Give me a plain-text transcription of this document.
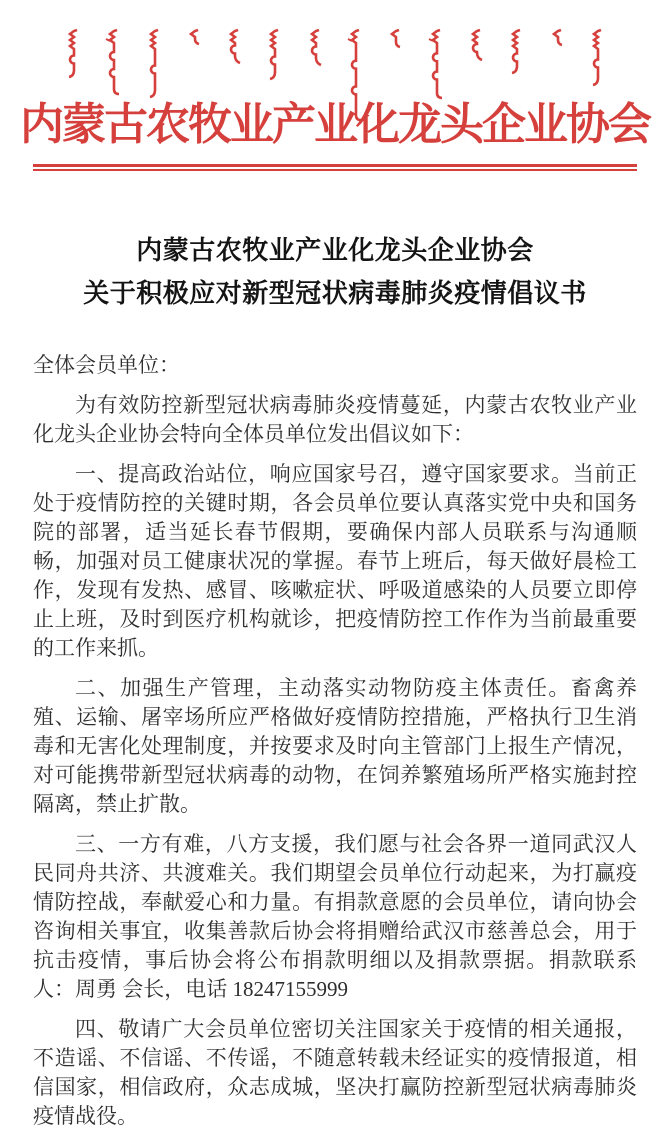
内蒙古农牧业产业化龙头企业协会
内蒙古农牧业产业化龙头企业协会
关于积极应对新型冠状病毒肺炎疫情倡议书

全体会员单位：

为有效防控新型冠状病毒肺炎疫情蔓延，内蒙古农牧业产业化龙头企业协会特向全体员单位发出倡议如下：

一、提高政治站位，响应国家号召，遵守国家要求。当前正处于疫情防控的关键时期，各会员单位要认真落实党中央和国务院的部署，适当延长春节假期，要确保内部人员联系与沟通顺畅，加强对员工健康状况的掌握。春节上班后，每天做好晨检工作，发现有发热、感冒、咳嗽症状、呼吸道感染的人员要立即停止上班，及时到医疗机构就诊，把疫情防控工作作为当前最重要的工作来抓。

二、加强生产管理，主动落实动物防疫主体责任。畜禽养殖、运输、屠宰场所应严格做好疫情防控措施，严格执行卫生消毒和无害化处理制度，并按要求及时向主管部门上报生产情况，对可能携带新型冠状病毒的动物，在饲养繁殖场所严格实施封控隔离，禁止扩散。

三、一方有难，八方支援，我们愿与社会各界一道同武汉人民同舟共济、共渡难关。我们期望会员单位行动起来，为打赢疫情防控战，奉献爱心和力量。有捐款意愿的会员单位，请向协会咨询相关事宜，收集善款后协会将捐赠给武汉市慈善总会，用于抗击疫情，事后协会将公布捐款明细以及捐款票据。捐款联系人：周勇 会长，电话 18247155999

四、敬请广大会员单位密切关注国家关于疫情的相关通报，不造谣、不信谣、不传谣，不随意转载未经证实的疫情报道，相信国家，相信政府，众志成城，坚决打赢防控新型冠状病毒肺炎疫情战役。
